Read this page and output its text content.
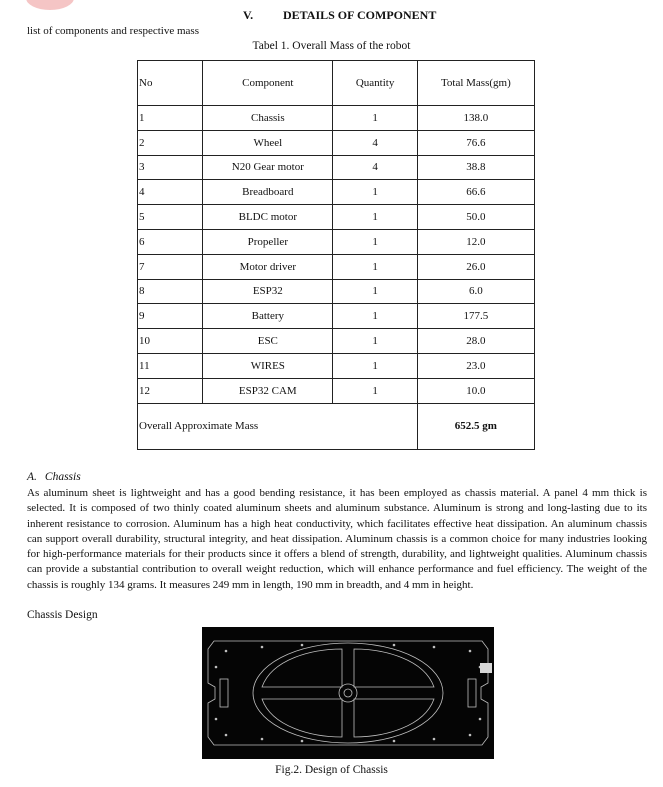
V. DETAILS OF COMPONENT
list of components and respective mass
Tabel 1. Overall Mass of the robot
No	Component	Quantity	Total Mass(gm)
1	Chassis	1	138.0
2	Wheel	4	76.6
3	N20 Gear motor	4	38.8
4	Breadboard	1	66.6
5	BLDC motor	1	50.0
6	Propeller	1	12.0
7	Motor driver	1	26.0
8	ESP32	1	6.0
9	Battery	1	177.5
10	ESC	1	28.0
11	WIRES	1	23.0
12	ESP32 CAM	1	10.0
Overall Approximate Mass			652.5 gm
A. Chassis

As aluminum sheet is lightweight and has a good bending resistance, it has been employed as chassis material. A panel 4 mm thick is selected. It is composed of two thinly coated aluminum sheets and aluminum substance. Aluminum is strong and long-lasting due to its inherent resistance to corrosion. Aluminum has a high heat conductivity, which facilitates effective heat dissipation. An aluminum chassis can support overall durability, structural integrity, and heat dissipation. Aluminum chassis is a common choice for many industries looking for high-performance materials for their products since it offers a blend of strength, durability, and lightweight qualities. Aluminum chassis can provide a substantial contribution to overall weight reduction, which will enhance performance and fuel efficiency. The weight of the chassis is roughly 134 grams. It measures 249 mm in length, 190 mm in breadth, and 4 mm in height.

Chassis Design
Fig.2. Design of Chassis
